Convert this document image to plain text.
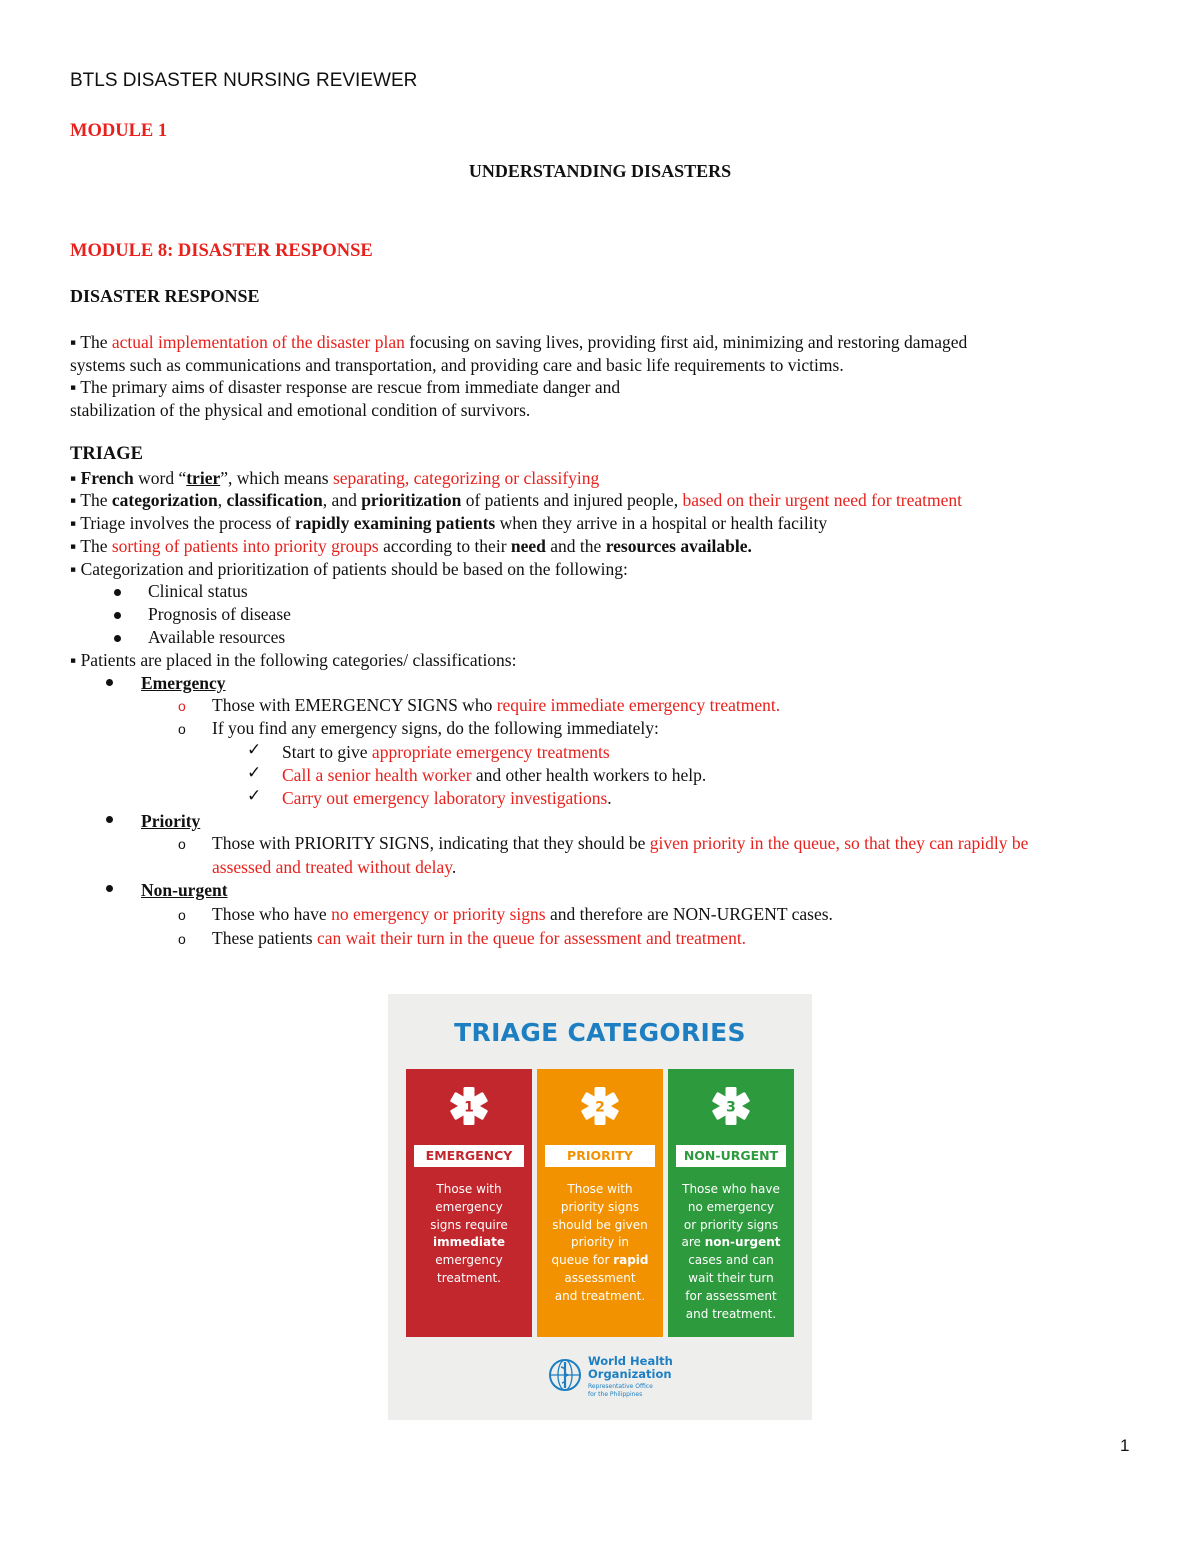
BTLS DISASTER NURSING REVIEWER
MODULE 1
UNDERSTANDING DISASTERS
MODULE 8: DISASTER RESPONSE
DISASTER RESPONSE
▪ The actual implementation of the disaster plan focusing on saving lives, providing first aid, minimizing and restoring damaged
systems such as communications and transportation, and providing care and basic life requirements to victims.
▪ The primary aims of disaster response are rescue from immediate danger and
stabilization of the physical and emotional condition of survivors.
TRIAGE
▪ French word “trier”, which means separating, categorizing or classifying
▪ The categorization, classification, and prioritization of patients and injured people, based on their urgent need for treatment
▪ Triage involves the process of rapidly examining patients when they arrive in a hospital or health facility
▪ The sorting of patients into priority groups according to their need and the resources available.
▪ Categorization and prioritization of patients should be based on the following:
Clinical status
Prognosis of disease
Available resources
▪ Patients are placed in the following categories/ classifications:
Emergency
o Those with EMERGENCY SIGNS who require immediate emergency treatment.
o If you find any emergency signs, do the following immediately:
✓ Start to give appropriate emergency treatments
✓ Call a senior health worker and other health workers to help.
✓ Carry out emergency laboratory investigations.
Priority
o Those with PRIORITY SIGNS, indicating that they should be given priority in the queue, so that they can rapidly be
assessed and treated without delay.
Non-urgent
o Those who have no emergency or priority signs and therefore are NON-URGENT cases.
o These patients can wait their turn in the queue for assessment and treatment.
TRIAGE CATEGORIES
1
EMERGENCY
Those with
emergency
signs require
immediate
emergency
treatment.
2
PRIORITY
Those with
priority signs
should be given
priority in
queue for rapid
assessment
and treatment.
3
NON-URGENT
Those who have
no emergency
or priority signs
are non-urgent
cases and can
wait their turn
for assessment
and treatment.
World Health
Organization
Representative Office
for the Philippines
1
